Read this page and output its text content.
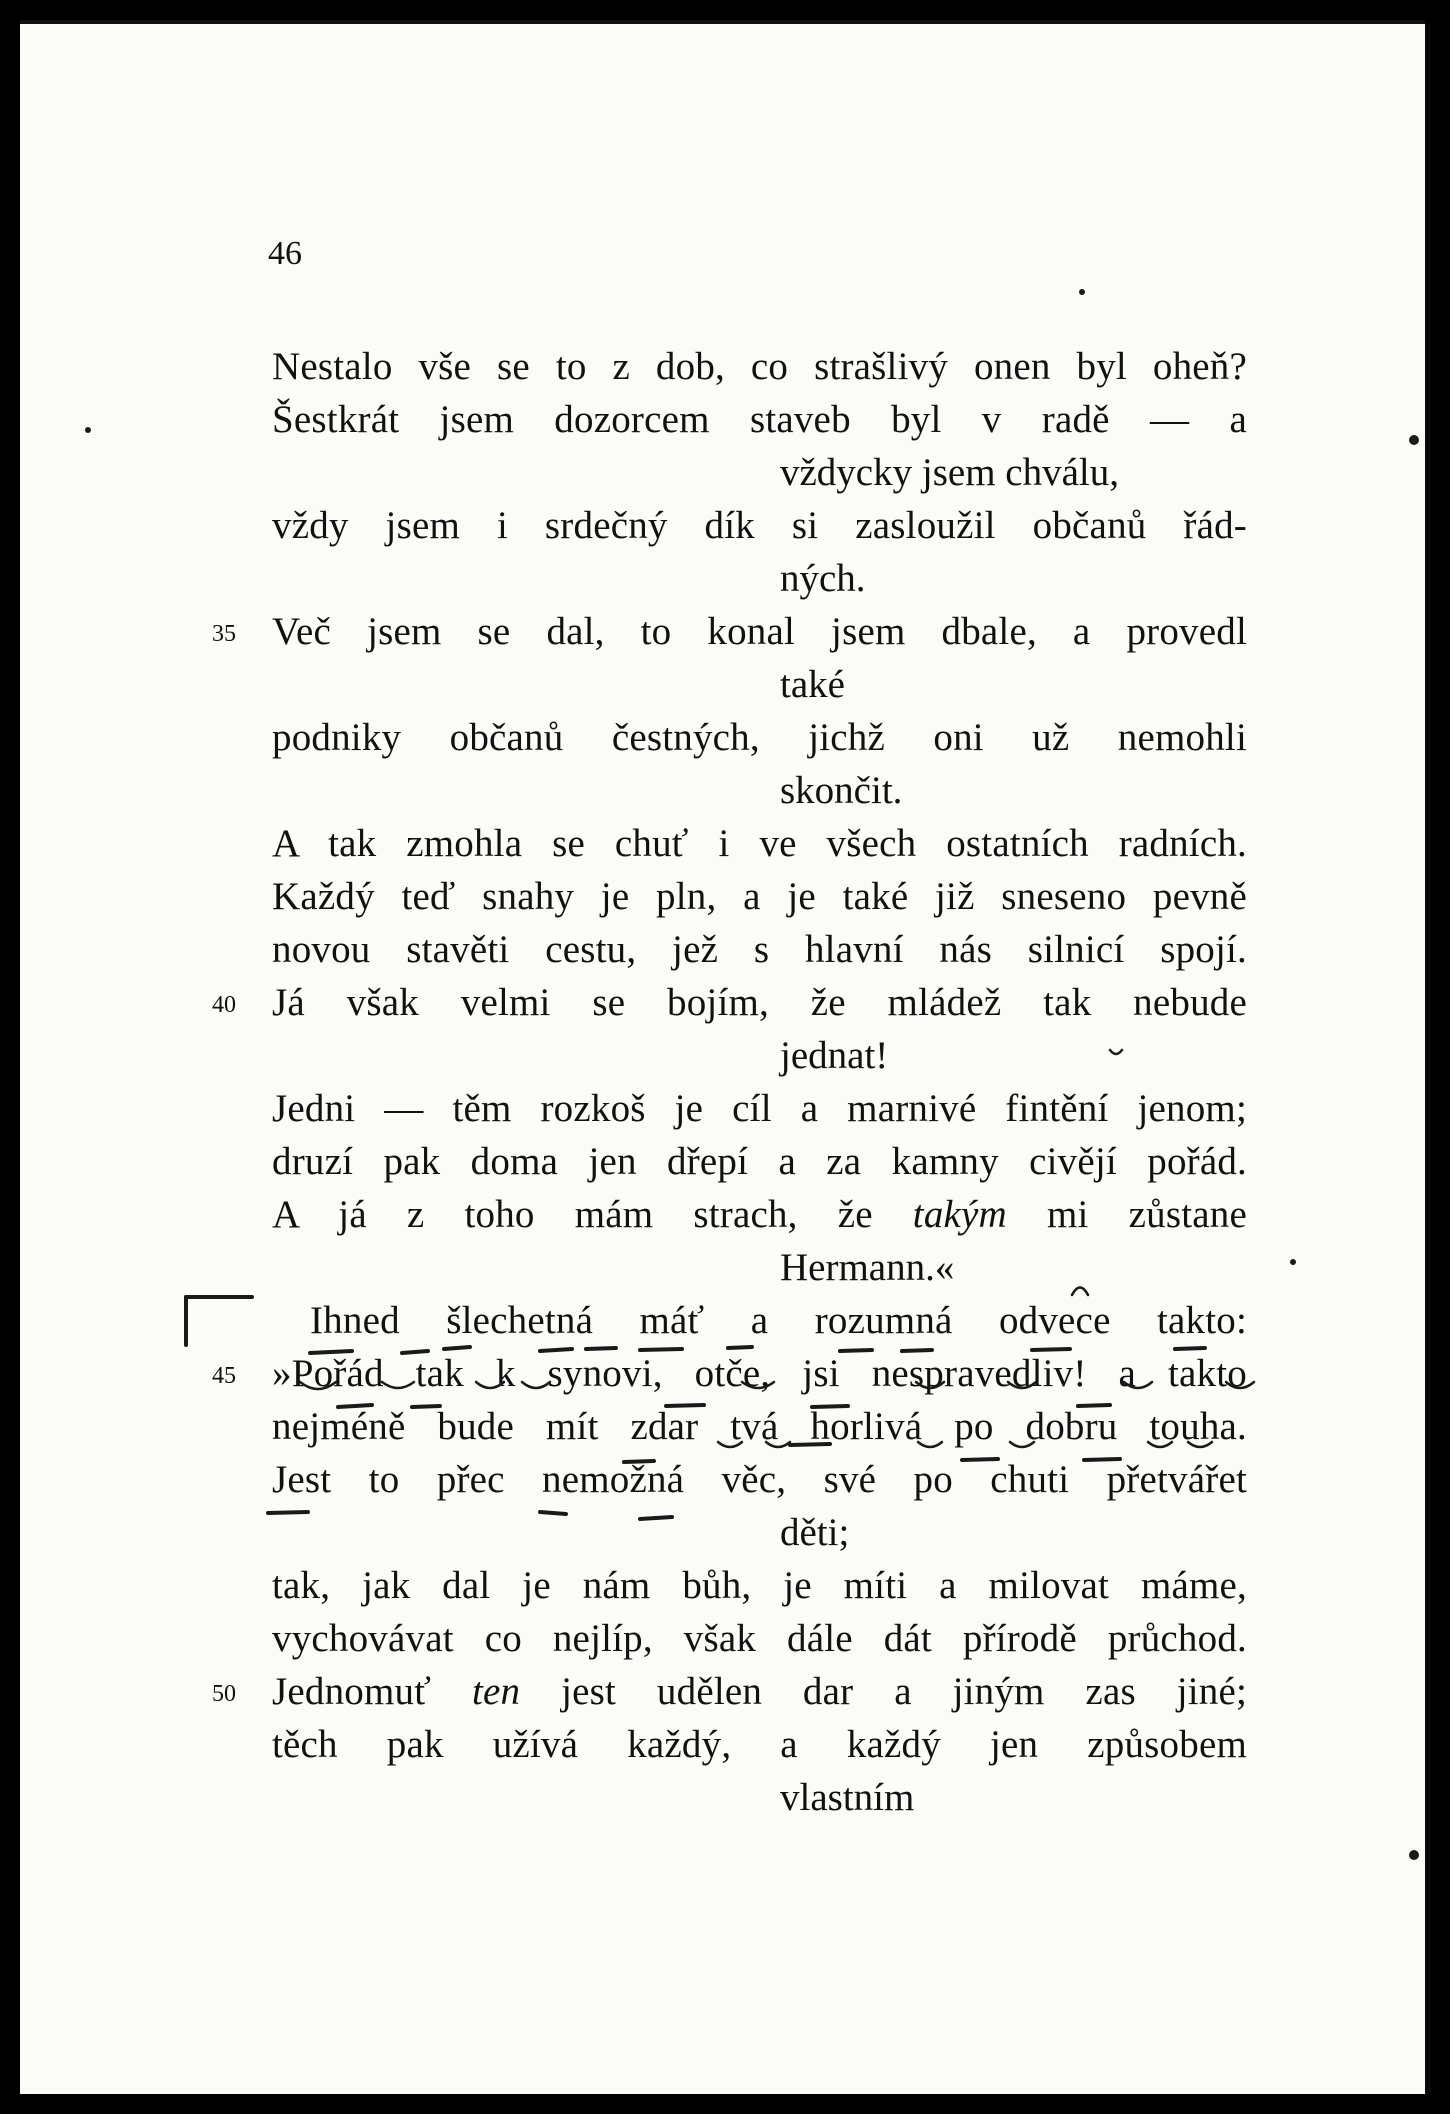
46
Nestalo vše se to z dob, co strašlivý onen byl oheň?
Šestkrát jsem dozorcem staveb byl v radě — a
vždycky jsem chválu,
vždy jsem i srdečný dík si zasloužil občanů řád-
ných.
35 Več jsem se dal, to konal jsem dbale, a provedl
také
podniky občanů čestných, jichž oni už nemohli
skončit.
A tak zmohla se chuť i ve všech ostatních radních.
Každý teď snahy je pln, a je také již sneseno pevně
novou stavěti cestu, jež s hlavní nás silnicí spojí.
40 Já však velmi se bojím, že mládež tak nebude
jednat!
Jedni — těm rozkoš je cíl a marnivé fintění jenom;
druzí pak doma jen dřepí a za kamny civějí pořád.
A já z toho mám strach, že takým mi zůstane
Hermann.«
Ihned šlechetná máť a rozumná odvece takto:
45 »Pořád tak k synovi, otče, jsi nespravedliv! a takto
nejméně bude mít zdar tvá horlivá po dobru touha.
Jest to přec nemožná věc, své po chuti přetvářet
děti;
tak, jak dal je nám bůh, je míti a milovat máme,
vychovávat co nejlíp, však dále dát přírodě průchod.
50 Jednomuť ten jest udělen dar a jiným zas jiné;
těch pak užívá každý, a každý jen způsobem
vlastním
